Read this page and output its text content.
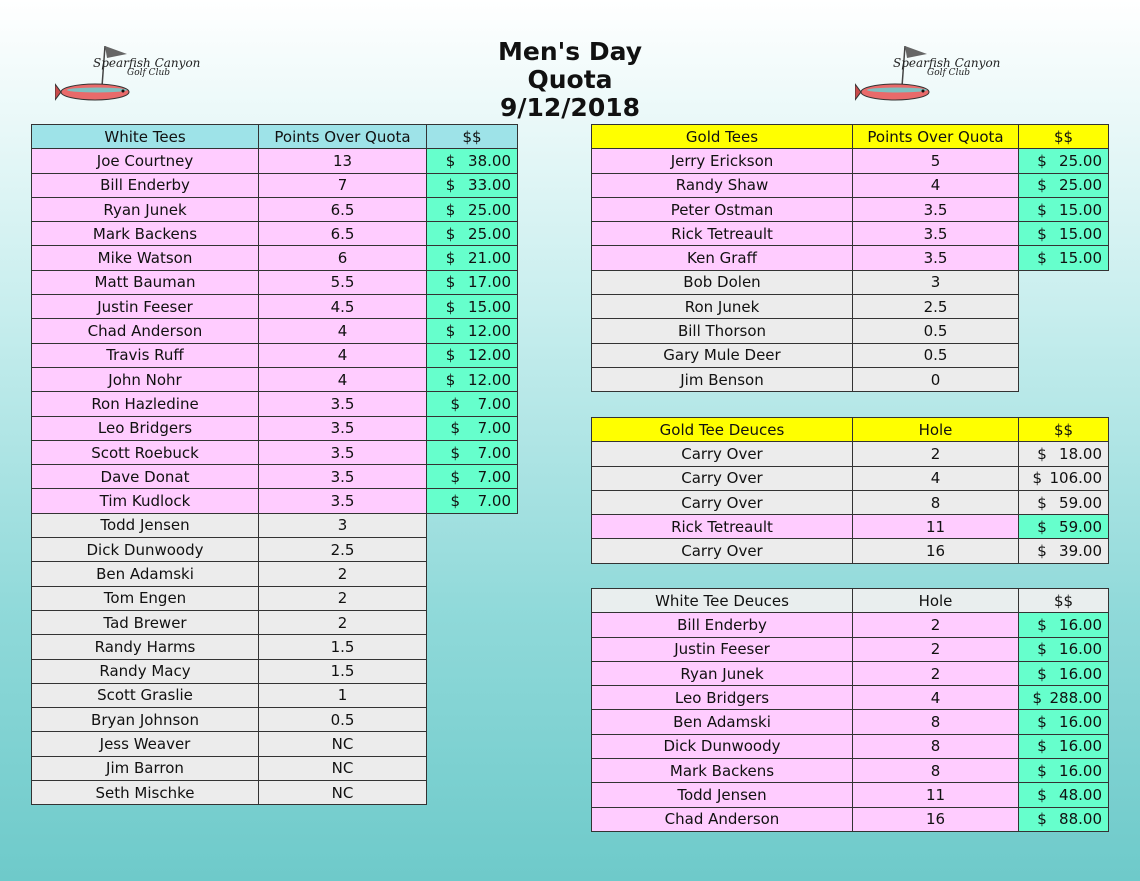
Spearfish Canyon
Golf Club
Spearfish Canyon
Golf Club
Men's Day
Quota
9/12/2018
White Tees	Points Over Quota	$$
Joe Courtney	13	$ 38.00

Bill Enderby	7	$ 33.00

Ryan Junek	6.5	$ 25.00

Mark Backens	6.5	$ 25.00

Mike Watson	6	$ 21.00

Matt Bauman	5.5	$ 17.00

Justin Feeser	4.5	$ 15.00

Chad Anderson	4	$ 12.00

Travis Ruff	4	$ 12.00

John Nohr	4	$ 12.00

Ron Hazledine	3.5	$ 7.00

Leo Bridgers	3.5	$ 7.00

Scott Roebuck	3.5	$ 7.00

Dave Donat	3.5	$ 7.00

Tim Kudlock	3.5	$ 7.00

Todd Jensen	3	
Dick Dunwoody	2.5	
Ben Adamski	2	
Tom Engen	2	
Tad Brewer	2	
Randy Harms	1.5	
Randy Macy	1.5	
Scott Graslie	1	
Bryan Johnson	0.5	
Jess Weaver	NC	
Jim Barron	NC	
Seth Mischke	NC	
Gold Tees	Points Over Quota	$$
Jerry Erickson	5	$ 25.00

Randy Shaw	4	$ 25.00

Peter Ostman	3.5	$ 15.00

Rick Tetreault	3.5	$ 15.00

Ken Graff	3.5	$ 15.00

Bob Dolen	3	
Ron Junek	2.5	
Bill Thorson	0.5	
Gary Mule Deer	0.5	
Jim Benson	0	
Gold Tee Deuces	Hole	$$
Carry Over	2	$ 18.00

Carry Over	4	$ 106.00

Carry Over	8	$ 59.00

Rick Tetreault	11	$ 59.00

Carry Over	16	$ 39.00
White Tee Deuces	Hole	$$
Bill Enderby	2	$ 16.00

Justin Feeser	2	$ 16.00

Ryan Junek	2	$ 16.00

Leo Bridgers	4	$ 288.00

Ben Adamski	8	$ 16.00

Dick Dunwoody	8	$ 16.00

Mark Backens	8	$ 16.00

Todd Jensen	11	$ 48.00

Chad Anderson	16	$ 88.00
